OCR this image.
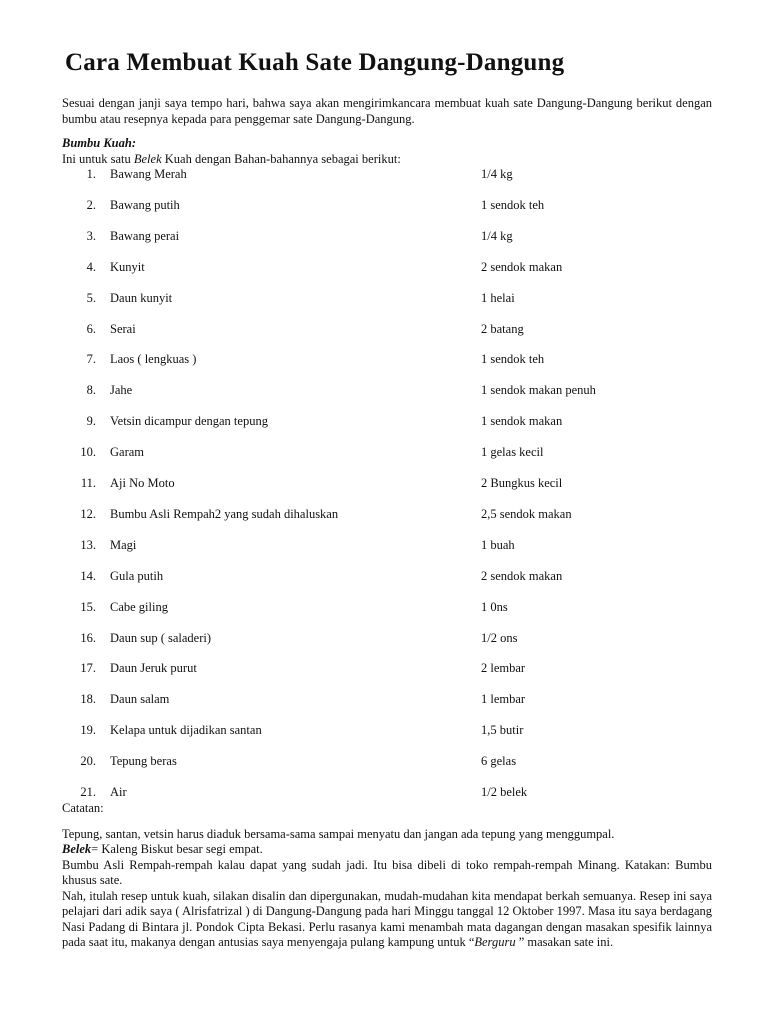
Cara Membuat Kuah Sate Dangung-Dangung

Sesuai dengan janji saya tempo hari, bahwa saya akan mengirimkancara membuat kuah sate Dangung-Dangung berikut dengan bumbu atau resepnya kepada para penggemar sate Dangung-Dangung.

Bumbu Kuah:

Ini untuk satu Belek Kuah dengan Bahan-bahannya sebagai berikut:

1. Bawang Merah	1/4 kg
2. Bawang putih	1 sendok teh
3. Bawang perai	1/4 kg
4. Kunyit	2 sendok makan
5. Daun kunyit	1 helai
6. Serai	2 batang
7. Laos ( lengkuas )	1 sendok teh
8. Jahe	1 sendok makan penuh
9. Vetsin dicampur dengan tepung	1 sendok makan
10. Garam	1 gelas kecil
11. Aji No Moto	2 Bungkus kecil
12. Bumbu Asli Rempah2 yang sudah dihaluskan	2,5 sendok makan
13. Magi	1 buah
14. Gula putih	2 sendok makan
15. Cabe giling	1 0ns
16. Daun sup ( saladeri)	1/2 ons
17. Daun Jeruk purut	2 lembar
18. Daun salam	1 lembar
19. Kelapa untuk dijadikan santan	1,5 butir
20. Tepung beras	6 gelas
21. Air	1/2 belek

Catatan:

Tepung, santan, vetsin harus diaduk bersama-sama sampai menyatu dan jangan ada tepung yang menggumpal.

Belek= Kaleng Biskut besar segi empat.

Bumbu Asli Rempah-rempah kalau dapat yang sudah jadi. Itu bisa dibeli di toko rempah-rempah Minang. Katakan: Bumbu khusus sate.

Nah, itulah resep untuk kuah, silakan disalin dan dipergunakan, mudah-mudahan kita mendapat berkah semuanya. Resep ini saya pelajari dari adik saya ( Alrisfatrizal ) di Dangung-Dangung pada hari Minggu tanggal 12 Oktober 1997. Masa itu saya berdagang Nasi Padang di Bintara jl. Pondok Cipta Bekasi. Perlu rasanya kami menambah mata dagangan dengan masakan spesifik lainnya pada saat itu, makanya dengan antusias saya menyengaja pulang kampung untuk “Berguru ” masakan sate ini.
